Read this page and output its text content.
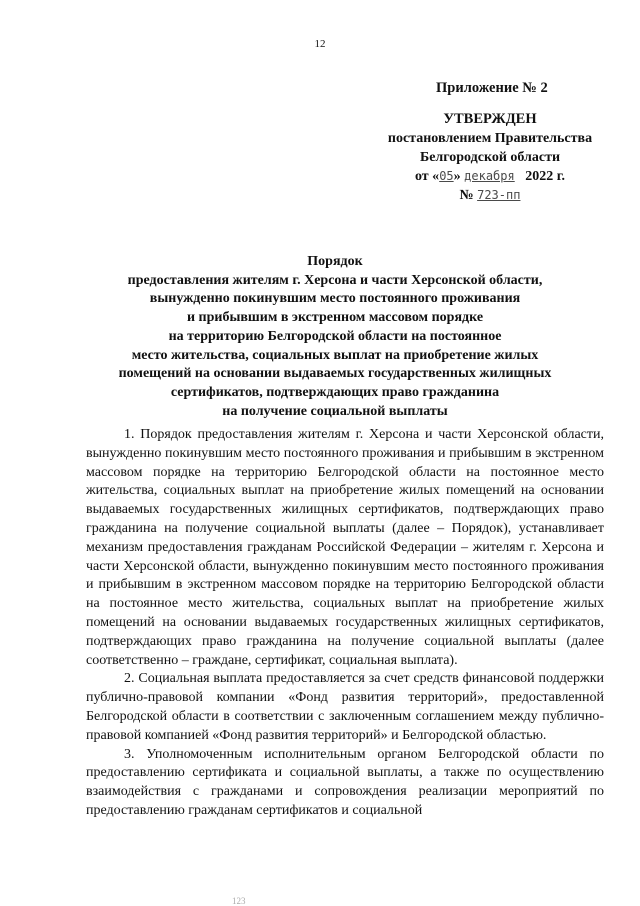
12
Приложение № 2
УТВЕРЖДЕН
постановлением Правительства
Белгородской области
от «05» декабря 2022 г.
№ 723-пп
Порядок
предоставления жителям г. Херсона и части Херсонской области,
вынужденно покинувшим место постоянного проживания
и прибывшим в экстренном массовом порядке
на территорию Белгородской области на постоянное
место жительства, социальных выплат на приобретение жилых
помещений на основании выдаваемых государственных жилищных
сертификатов, подтверждающих право гражданина
на получение социальной выплаты

1. Порядок предоставления жителям г. Херсона и части Херсонской области, вынужденно покинувшим место постоянного проживания и прибывшим в экстренном массовом порядке на территорию Белгородской области на постоянное место жительства, социальных выплат на приобретение жилых помещений на основании выдаваемых государственных жилищных сертификатов, подтверждающих право гражданина на получение социальной выплаты (далее – Порядок), устанавливает механизм предоставления гражданам Российской Федерации – жителям г. Херсона и части Херсонской области, вынужденно покинувшим место постоянного проживания и прибывшим в экстренном массовом порядке на территорию Белгородской области на постоянное место жительства, социальных выплат на приобретение жилых помещений на основании выдаваемых государственных жилищных сертификатов, подтверждающих право гражданина на получение социальной выплаты (далее соответственно – граждане, сертификат, социальная выплата).

2. Социальная выплата предоставляется за счет средств финансовой поддержки публично-правовой компании «Фонд развития территорий», предоставленной Белгородской области в соответствии с заключенным соглашением между публично-правовой компанией «Фонд развития территорий» и Белгородской областью.

3. Уполномоченным исполнительным органом Белгородской области по предоставлению сертификата и социальной выплаты, а также по осуществлению взаимодействия с гражданами и сопровождения реализации мероприятий по предоставлению гражданам сертификатов и социальной

123
